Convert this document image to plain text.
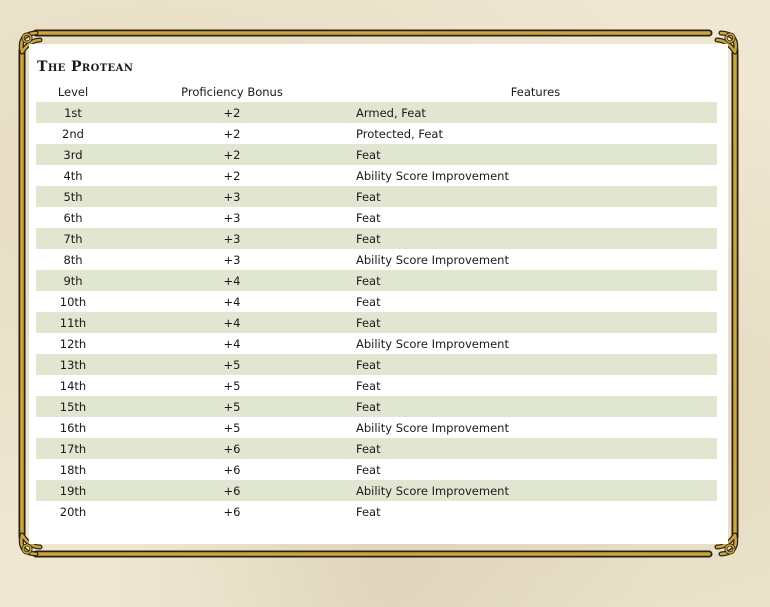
The Protean
Level	Proficiency Bonus	Features
1st	+2	Armed, Feat
2nd	+2	Protected, Feat
3rd	+2	Feat
4th	+2	Ability Score Improvement
5th	+3	Feat
6th	+3	Feat
7th	+3	Feat
8th	+3	Ability Score Improvement
9th	+4	Feat
10th	+4	Feat
11th	+4	Feat
12th	+4	Ability Score Improvement
13th	+5	Feat
14th	+5	Feat
15th	+5	Feat
16th	+5	Ability Score Improvement
17th	+6	Feat
18th	+6	Feat
19th	+6	Ability Score Improvement
20th	+6	Feat
